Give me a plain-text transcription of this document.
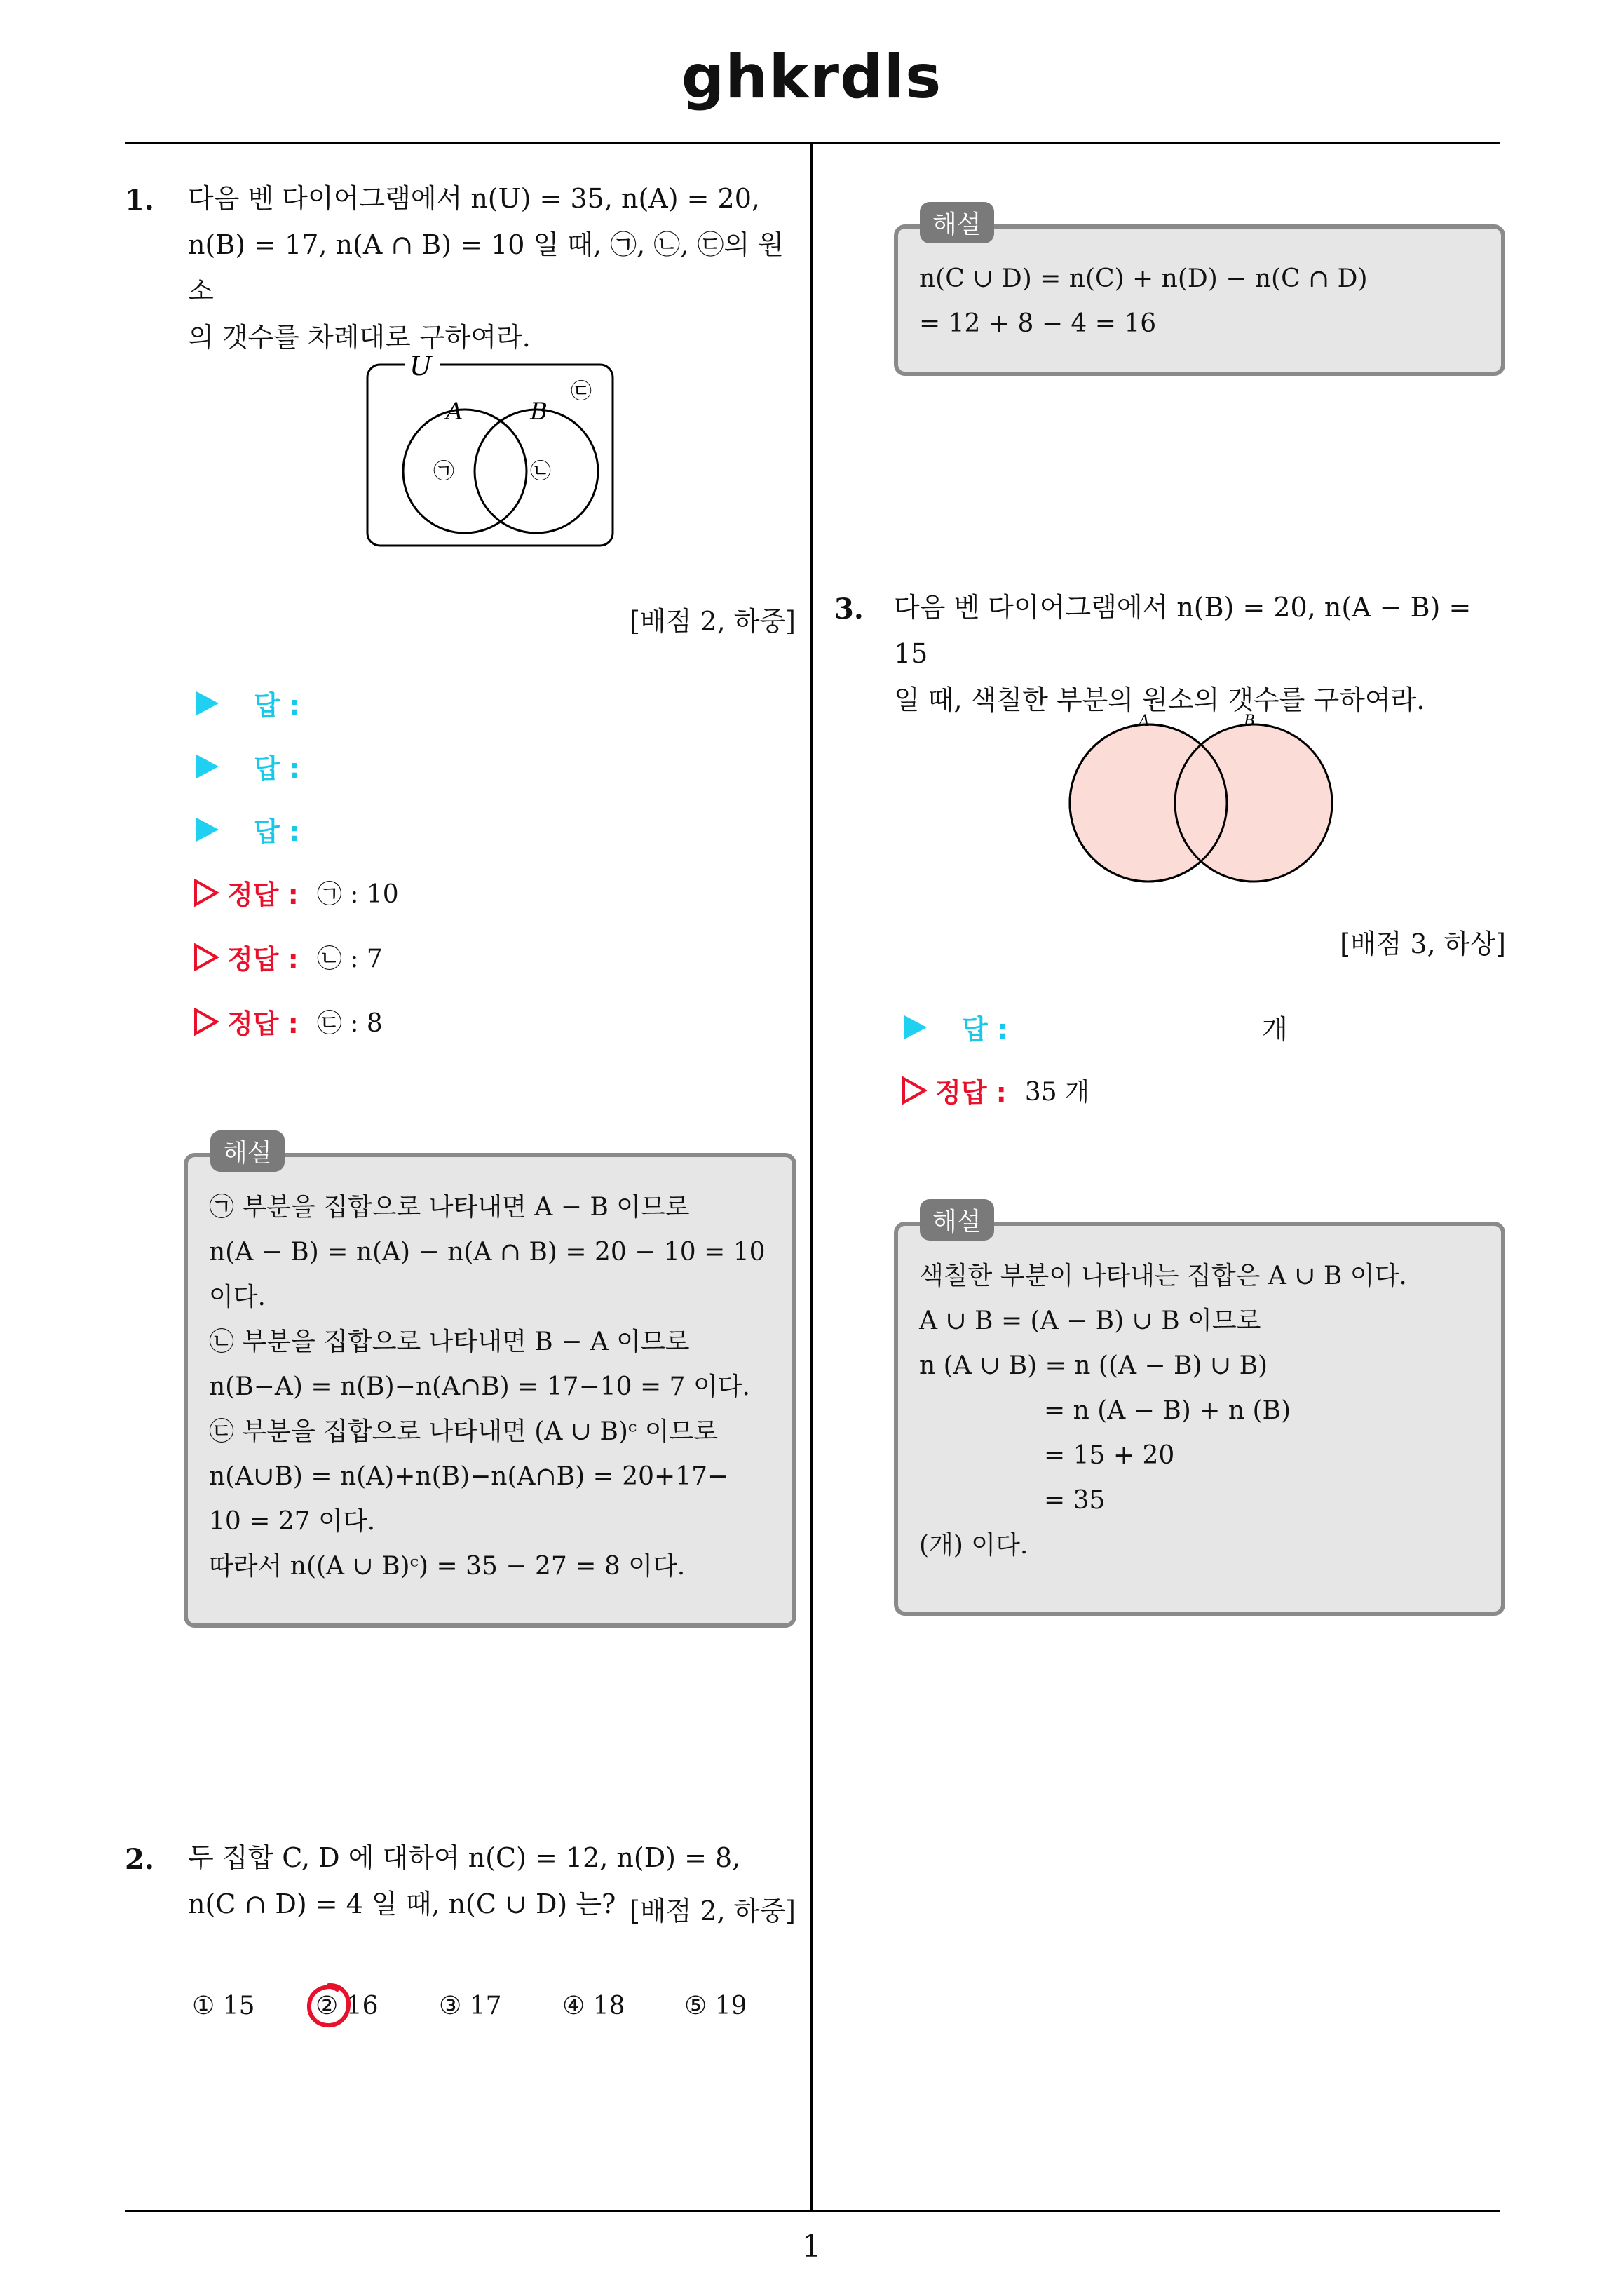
ghkrdls
1
1. 다음 벤 다이어그램에서 n(U) = 35, n(A) = 20,
n(B) = 17, n(A ∩ B) = 10 일 때, ㉠, ㉡, ㉢의 원소
의 갯수를 차례대로 구하여라.
U
A	B
㉠	㉡
㉢
[배점 2, 하중]
답 :
답 :
답 :
정답 : ㉠ : 10
정답 : ㉡ : 7
정답 : ㉢ : 8
㉠ 부분을 집합으로 나타내면 A − B 이므로
n(A − B) = n(A) − n(A ∩ B) = 20 − 10 = 10
이다.
㉡ 부분을 집합으로 나타내면 B − A 이므로
n(B−A) = n(B)−n(A∩B) = 17−10 = 7 이다.
㉢ 부분을 집합으로 나타내면 (A ∪ B)ᶜ 이므로
n(A∪B) = n(A)+n(B)−n(A∩B) = 20+17−
10 = 27 이다.
따라서 n((A ∪ B)ᶜ) = 35 − 27 = 8 이다.
해설
2. 두 집합 C, D 에 대하여 n(C) = 12, n(D) = 8,
n(C ∩ D) = 4 일 때, n(C ∪ D) 는? [배점 2, 하중]
① 15 ② 16 ③ 17 ④ 18 ⑤ 19
n(C ∪ D) = n(C) + n(D) − n(C ∩ D)
= 12 + 8 − 4 = 16
해설
3. 다음 벤 다이어그램에서 n(B) = 20, n(A − B) = 15
일 때, 색칠한 부분의 원소의 갯수를 구하여라.
A	B
[배점 3, 하상]
답 :	개
정답 : 35 개
색칠한 부분이 나타내는 집합은 A ∪ B 이다.
A ∪ B = (A − B) ∪ B 이므로
n (A ∪ B) = n ((A − B) ∪ B)
= n (A − B) + n (B)
= 15 + 20
= 35
(개) 이다.
해설
